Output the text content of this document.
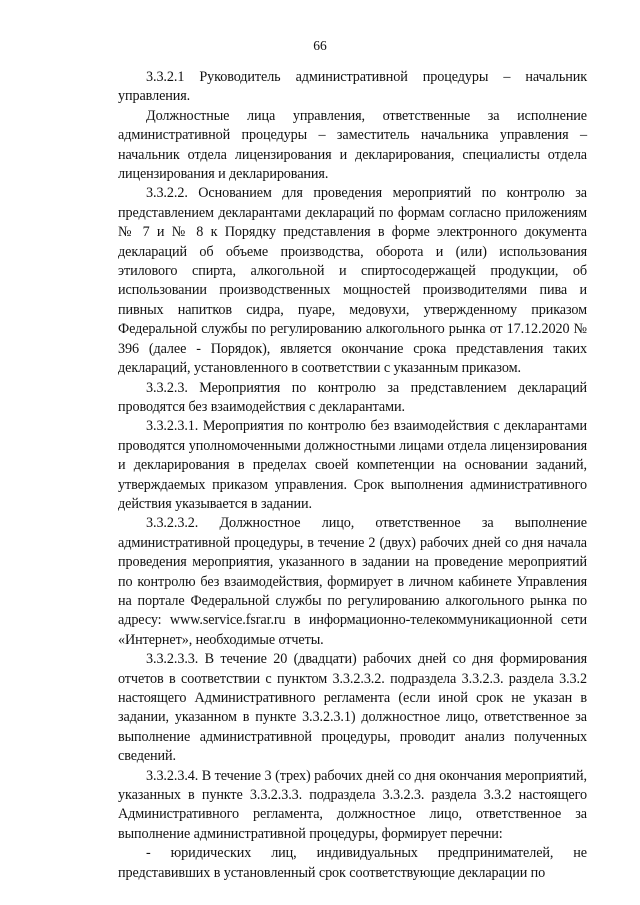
66

3.3.2.1 Руководитель административной процедуры – начальник управления.

Должностные лица управления, ответственные за исполнение административной процедуры – заместитель начальника управления – начальник отдела лицензирования и декларирования, специалисты отдела лицензирования и декларирования.

3.3.2.2. Основанием для проведения мероприятий по контролю за представлением декларантами деклараций по формам согласно приложениям № 7 и № 8 к Порядку представления в форме электронного документа деклараций об объеме производства, оборота и (или) использования этилового спирта, алкогольной и спиртосодержащей продукции, об использовании производственных мощностей производителями пива и пивных напитков сидра, пуаре, медовухи, утвержденному приказом Федеральной службы по регулированию алкогольного рынка от 17.12.2020 № 396 (далее - Порядок), является окончание срока представления таких деклараций, установленного в соответствии с указанным приказом.

3.3.2.3. Мероприятия по контролю за представлением деклараций проводятся без взаимодействия с декларантами.

3.3.2.3.1. Мероприятия по контролю без взаимодействия с декларантами проводятся уполномоченными должностными лицами отдела лицензирования и декларирования в пределах своей компетенции на основании заданий, утверждаемых приказом управления. Срок выполнения административного действия указывается в задании.

3.3.2.3.2. Должностное лицо, ответственное за выполнение административной процедуры, в течение 2 (двух) рабочих дней со дня начала проведения мероприятия, указанного в задании на проведение мероприятий по контролю без взаимодействия, формирует в личном кабинете Управления на портале Федеральной службы по регулированию алкогольного рынка по адресу: www.service.fsrar.ru в информационно-телекоммуникационной сети «Интернет», необходимые отчеты.

3.3.2.3.3. В течение 20 (двадцати) рабочих дней со дня формирования отчетов в соответствии с пунктом 3.3.2.3.2. подраздела 3.3.2.3. раздела 3.3.2 настоящего Административного регламента (если иной срок не указан в задании, указанном в пункте 3.3.2.3.1) должностное лицо, ответственное за выполнение административной процедуры, проводит анализ полученных сведений.

3.3.2.3.4. В течение 3 (трех) рабочих дней со дня окончания мероприятий, указанных в пункте 3.3.2.3.3. подраздела 3.3.2.3. раздела 3.3.2 настоящего Административного регламента, должностное лицо, ответственное за выполнение административной процедуры, формирует перечни:

- юридических лиц, индивидуальных предпринимателей, не представивших в установленный срок соответствующие декларации по
